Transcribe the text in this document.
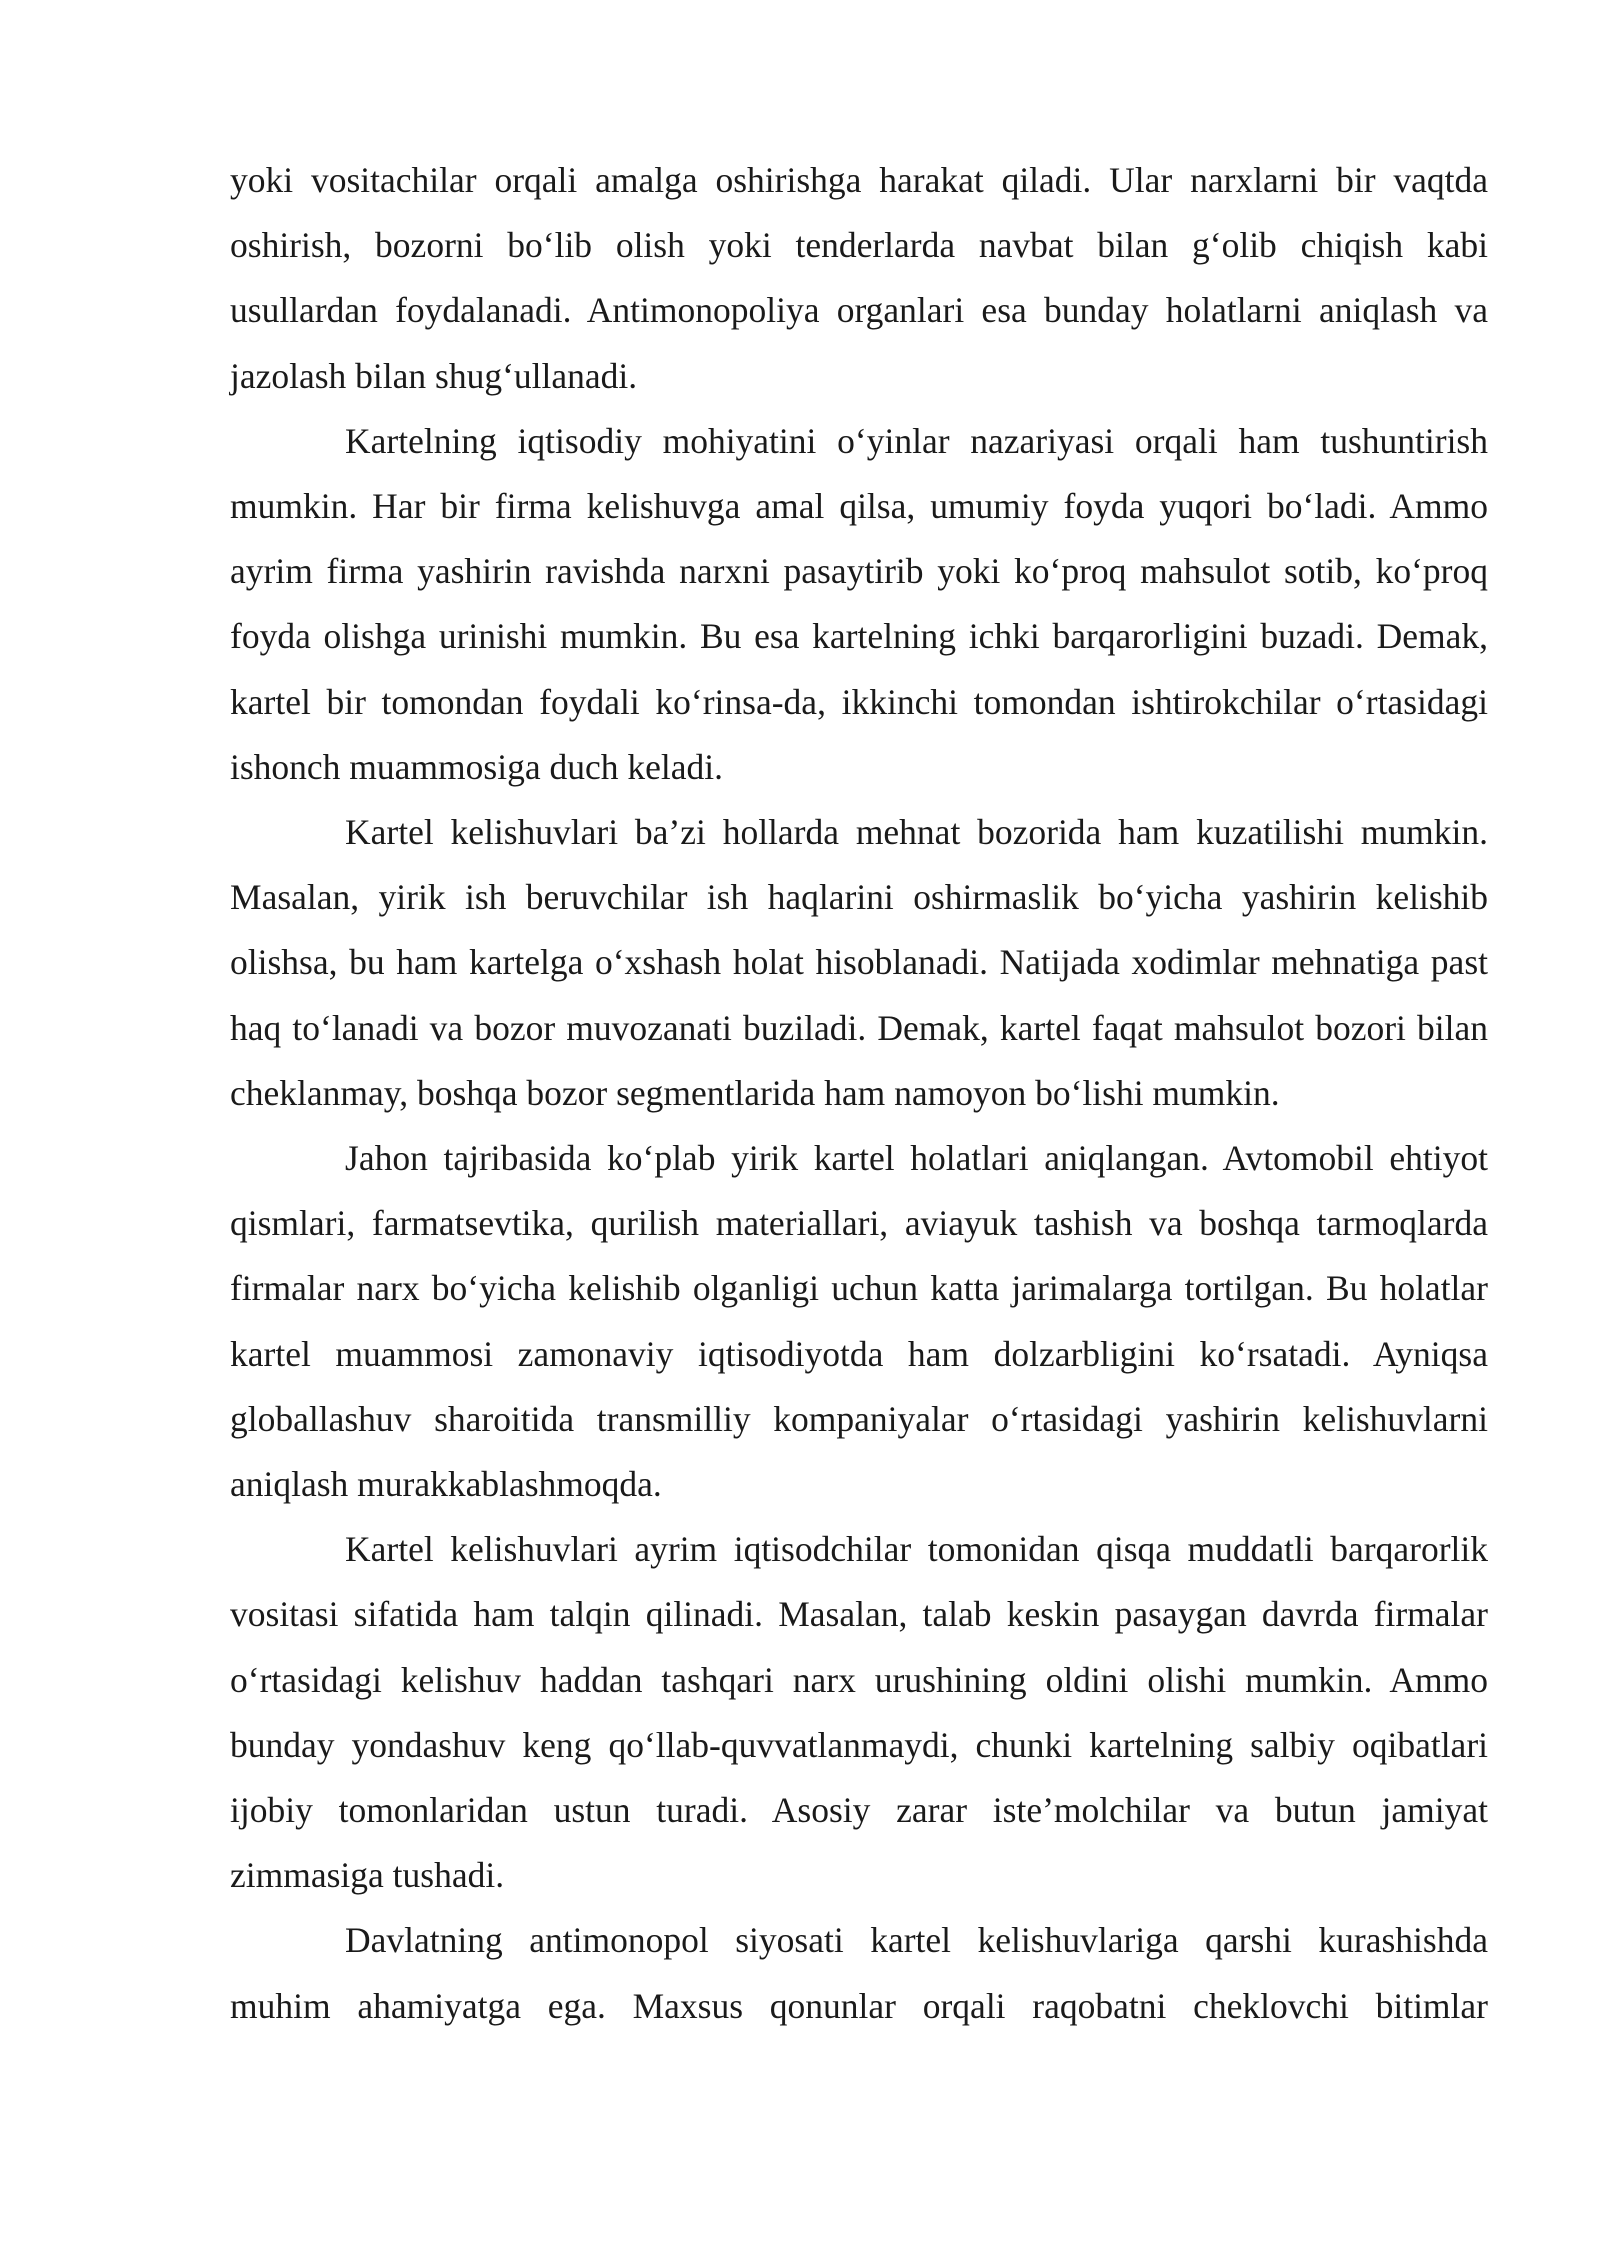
yoki vositachilar orqali amalga oshirishga harakat qiladi. Ular narxlarni bir vaqtda oshirish, bozorni bo‘lib olish yoki tenderlarda navbat bilan g‘olib chiqish kabi usullardan foydalanadi. Antimonopoliya organlari esa bunday holatlarni aniqlash va jazolash bilan shug‘ullanadi.

Kartelning iqtisodiy mohiyatini o‘yinlar nazariyasi orqali ham tushuntirish mumkin. Har bir firma kelishuvga amal qilsa, umumiy foyda yuqori bo‘ladi. Ammo ayrim firma yashirin ravishda narxni pasaytirib yoki ko‘proq mahsulot sotib, ko‘proq foyda olishga urinishi mumkin. Bu esa kartelning ichki barqarorligini buzadi. Demak, kartel bir tomondan foydali ko‘rinsa-da, ikkinchi tomondan ishtirokchilar o‘rtasidagi ishonch muammosiga duch keladi.

Kartel kelishuvlari ba’zi hollarda mehnat bozorida ham kuzatilishi mumkin. Masalan, yirik ish beruvchilar ish haqlarini oshirmaslik bo‘yicha yashirin kelishib olishsa, bu ham kartelga o‘xshash holat hisoblanadi. Natijada xodimlar mehnatiga past haq to‘lanadi va bozor muvozanati buziladi. Demak, kartel faqat mahsulot bozori bilan cheklanmay, boshqa bozor segmentlarida ham namoyon bo‘lishi mumkin.

Jahon tajribasida ko‘plab yirik kartel holatlari aniqlangan. Avtomobil ehtiyot qismlari, farmatsevtika, qurilish materiallari, aviayuk tashish va boshqa tarmoqlarda firmalar narx bo‘yicha kelishib olganligi uchun katta jarimalarga tortilgan. Bu holatlar kartel muammosi zamonaviy iqtisodiyotda ham dolzarbligini ko‘rsatadi. Ayniqsa globallashuv sharoitida transmilliy kompaniyalar o‘rtasidagi yashirin kelishuvlarni aniqlash murakkablashmoqda.

Kartel kelishuvlari ayrim iqtisodchilar tomonidan qisqa muddatli barqarorlik vositasi sifatida ham talqin qilinadi. Masalan, talab keskin pasaygan davrda firmalar o‘rtasidagi kelishuv haddan tashqari narx urushining oldini olishi mumkin. Ammo bunday yondashuv keng qo‘llab-quvvatlanmaydi, chunki kartelning salbiy oqibatlari ijobiy tomonlaridan ustun turadi. Asosiy zarar iste’molchilar va butun jamiyat zimmasiga tushadi.

Davlatning antimonopol siyosati kartel kelishuvlariga qarshi kurashishda muhim ahamiyatga ega. Maxsus qonunlar orqali raqobatni cheklovchi bitimlar
